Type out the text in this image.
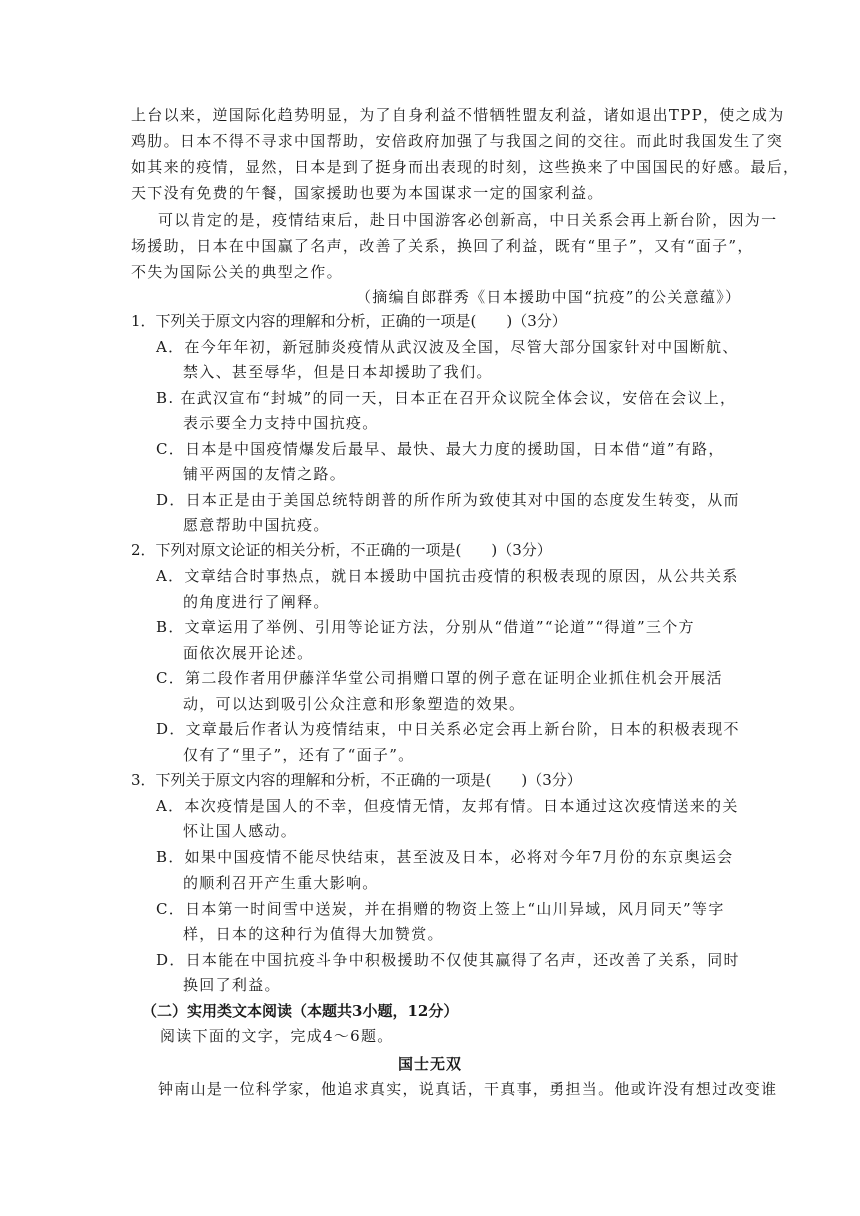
上台以来，逆国际化趋势明显，为了自身利益不惜牺牲盟友利益，诸如退出TPP，使之成为
鸡肋。日本不得不寻求中国帮助，安倍政府加强了与我国之间的交往。而此时我国发生了突
如其来的疫情，显然，日本是到了挺身而出表现的时刻，这些换来了中国国民的好感。最后，
天下没有免费的午餐，国家援助也要为本国谋求一定的国家利益。
可以肯定的是，疫情结束后，赴日中国游客必创新高，中日关系会再上新台阶，因为一
场援助，日本在中国赢了名声，改善了关系，换回了利益，既有“里子”，又有“面子”，
不失为国际公关的典型之作。
（摘编自郎群秀《日本援助中国“抗疫”的公关意蕴》）
1．下列关于原文内容的理解和分析，正确的一项是(　　)（3分）
A．在今年年初，新冠肺炎疫情从武汉波及全国，尽管大部分国家针对中国断航、
禁入、甚至辱华，但是日本却援助了我们。
B. 在武汉宣布“封城”的同一天，日本正在召开众议院全体会议，安倍在会议上，
表示要全力支持中国抗疫。
C．日本是中国疫情爆发后最早、最快、最大力度的援助国，日本借“道”有路，
铺平两国的友情之路。
D．日本正是由于美国总统特朗普的所作所为致使其对中国的态度发生转变，从而
愿意帮助中国抗疫。
2．下列对原文论证的相关分析，不正确的一项是(　　)（3分）
A．文章结合时事热点，就日本援助中国抗击疫情的积极表现的原因，从公共关系
的角度进行了阐释。
B．文章运用了举例、引用等论证方法，分别从“借道”“论道”“得道”三个方
面依次展开论述。
C．第二段作者用伊藤洋华堂公司捐赠口罩的例子意在证明企业抓住机会开展活
动，可以达到吸引公众注意和形象塑造的效果。
D．文章最后作者认为疫情结束，中日关系必定会再上新台阶，日本的积极表现不
仅有了“里子”，还有了“面子”。
3．下列关于原文内容的理解和分析，不正确的一项是(　　)（3分）
A．本次疫情是国人的不幸，但疫情无情，友邦有情。日本通过这次疫情送来的关
怀让国人感动。
B．如果中国疫情不能尽快结束，甚至波及日本，必将对今年7月份的东京奥运会
的顺利召开产生重大影响。
C．日本第一时间雪中送炭，并在捐赠的物资上签上“山川异域，风月同天”等字
样，日本的这种行为值得大加赞赏。
D．日本能在中国抗疫斗争中积极援助不仅使其赢得了名声，还改善了关系，同时
换回了利益。
（二）实用类文本阅读（本题共3小题，12分）
阅读下面的文字，完成4～6题。
国士无双
钟南山是一位科学家，他追求真实，说真话，干真事，勇担当。他或许没有想过改变谁
